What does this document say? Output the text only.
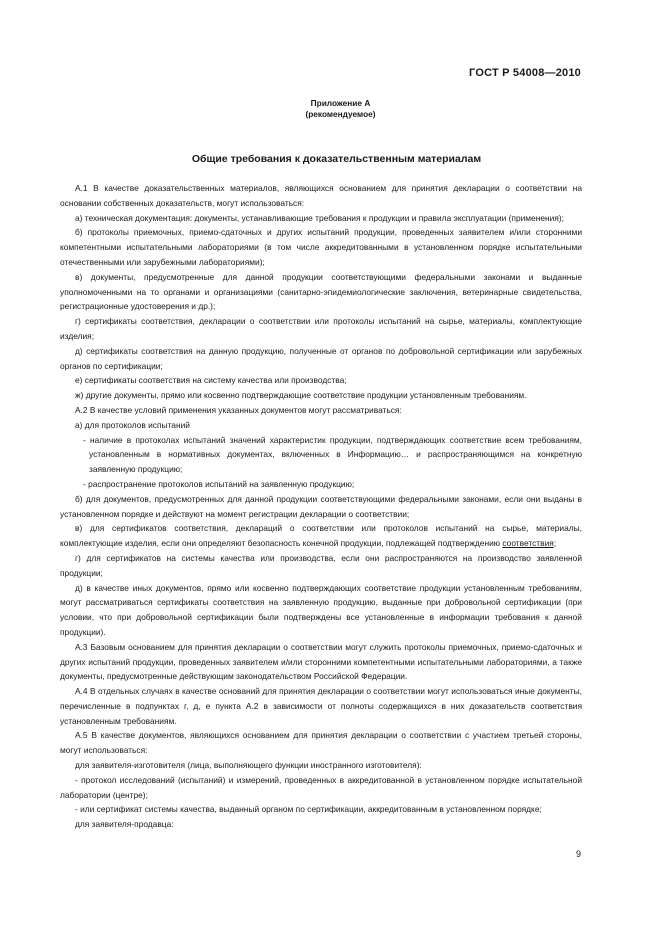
ГОСТ Р 54008—2010
Приложение А
(рекомендуемое)
Общие требования к доказательственным материалам

А.1 В качестве доказательственных материалов, являющихся основанием для принятия декларации о соответствии на основании собственных доказательств, могут использоваться:

а) техническая документация: документы, устанавливающие требования к продукции и правила эксплуатации (применения);

б) протоколы приемочных, приемо-сдаточных и других испытаний продукции, проведенных заявителем и/или сторонними компетентными испытательными лабораториями (в том числе аккредитованными в установленном порядке испытательными отечественными или зарубежными лабораториями);

в) документы, предусмотренные для данной продукции соответствующими федеральными законами и выданные уполномоченными на то органами и организациями (санитарно-эпидемиологические заключения, ветеринарные свидетельства, регистрационные удостоверения и др.);

г) сертификаты соответствия, декларации о соответствии или протоколы испытаний на сырье, материалы, комплектующие изделия;

д) сертификаты соответствия на данную продукцию, полученные от органов по добровольной сертификации или зарубежных органов по сертификации;

е) сертификаты соответствия на систему качества или производства;

ж) другие документы, прямо или косвенно подтверждающие соответствие продукции установленным требованиям.

А.2 В качестве условий применения указанных документов могут рассматриваться:

а) для протоколов испытаний

- наличие в протоколах испытаний значений характеристик продукции, подтверждающих соответствие всем требованиям, установленным в нормативных документах, включенных в Информацию… и распространяющимся на конкретную заявленную продукцию;

- распространение протоколов испытаний на заявленную продукцию;

б) для документов, предусмотренных для данной продукции соответствующими федеральными законами, если они выданы в установленном порядке и действуют на момент регистрации декларации о соответствии;

в) для сертификатов соответствия, деклараций о соответствии или протоколов испытаний на сырье, материалы, комплектующие изделия, если они определяют безопасность конечной продукции, подлежащей подтверждению соответствия;

г) для сертификатов на системы качества или производства, если они распространяются на производство заявленной продукции;

д) в качестве иных документов, прямо или косвенно подтверждающих соответствие продукции установленным требованиям, могут рассматриваться сертификаты соответствия на заявленную продукцию, выданные при добровольной сертификации (при условии, что при добровольной сертификации были подтверждены все установленные в информации требования к данной продукции).

А.3 Базовым основанием для принятия декларации о соответствии могут служить протоколы приемочных, приемо-сдаточных и других испытаний продукции, проведенных заявителем и/или сторонними компетентными испытательными лабораториями, а также документы, предусмотренные действующим законодательством Российской Федерации.

А.4 В отдельных случаях в качестве оснований для принятия декларации о соответствии могут использоваться иные документы, перечисленные в подпунктах г, д, е пункта А.2 в зависимости от полноты содержащихся в них доказательств соответствия установленным требованиям.

А.5 В качестве документов, являющихся основанием для принятия декларации о соответствии с участием третьей стороны, могут использоваться:

для заявителя-изготовителя (лица, выполняющего функции иностранного изготовителя):

- протокол исследований (испытаний) и измерений, проведенных в аккредитованной в установленном порядке испытательной лаборатории (центре);

- или сертификат системы качества, выданный органом по сертификации, аккредитованным в установленном порядке;

для заявителя-продавца:

9
